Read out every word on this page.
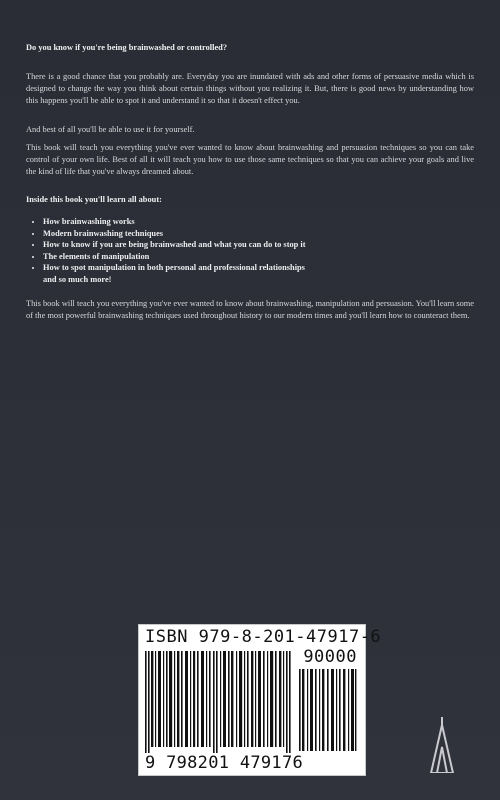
Do you know if you're being brainwashed or controlled?

There is a good chance that you probably are. Everyday you are inundated with ads and other forms of persuasive media which is designed to change the way you think about certain things without you realizing it. But, there is good news by understanding how this happens you'll be able to spot it and understand it so that it doesn't effect you.

And best of all you'll be able to use it for yourself.

This book will teach you everything you've ever wanted to know about brainwashing and persuasion techniques so you can take control of your own life. Best of all it will teach you how to use those same techniques so that you can achieve your goals and live the kind of life that you've always dreamed about.

Inside this book you'll learn all about:

• How brainwashing works
• Modern brainwashing techniques
• How to know if you are being brainwashed and what you can do to stop it
• The elements of manipulation
• How to spot manipulation in both personal and professional relationships
and so much more!

This book will teach you everything you've ever wanted to know about brainwashing, manipulation and persuasion. You'll learn some of the most powerful brainwashing techniques used throughout history to our modern times and you'll learn how to counteract them.

ISBN 979-8-201-47917-6
90000
9 798201 479176
